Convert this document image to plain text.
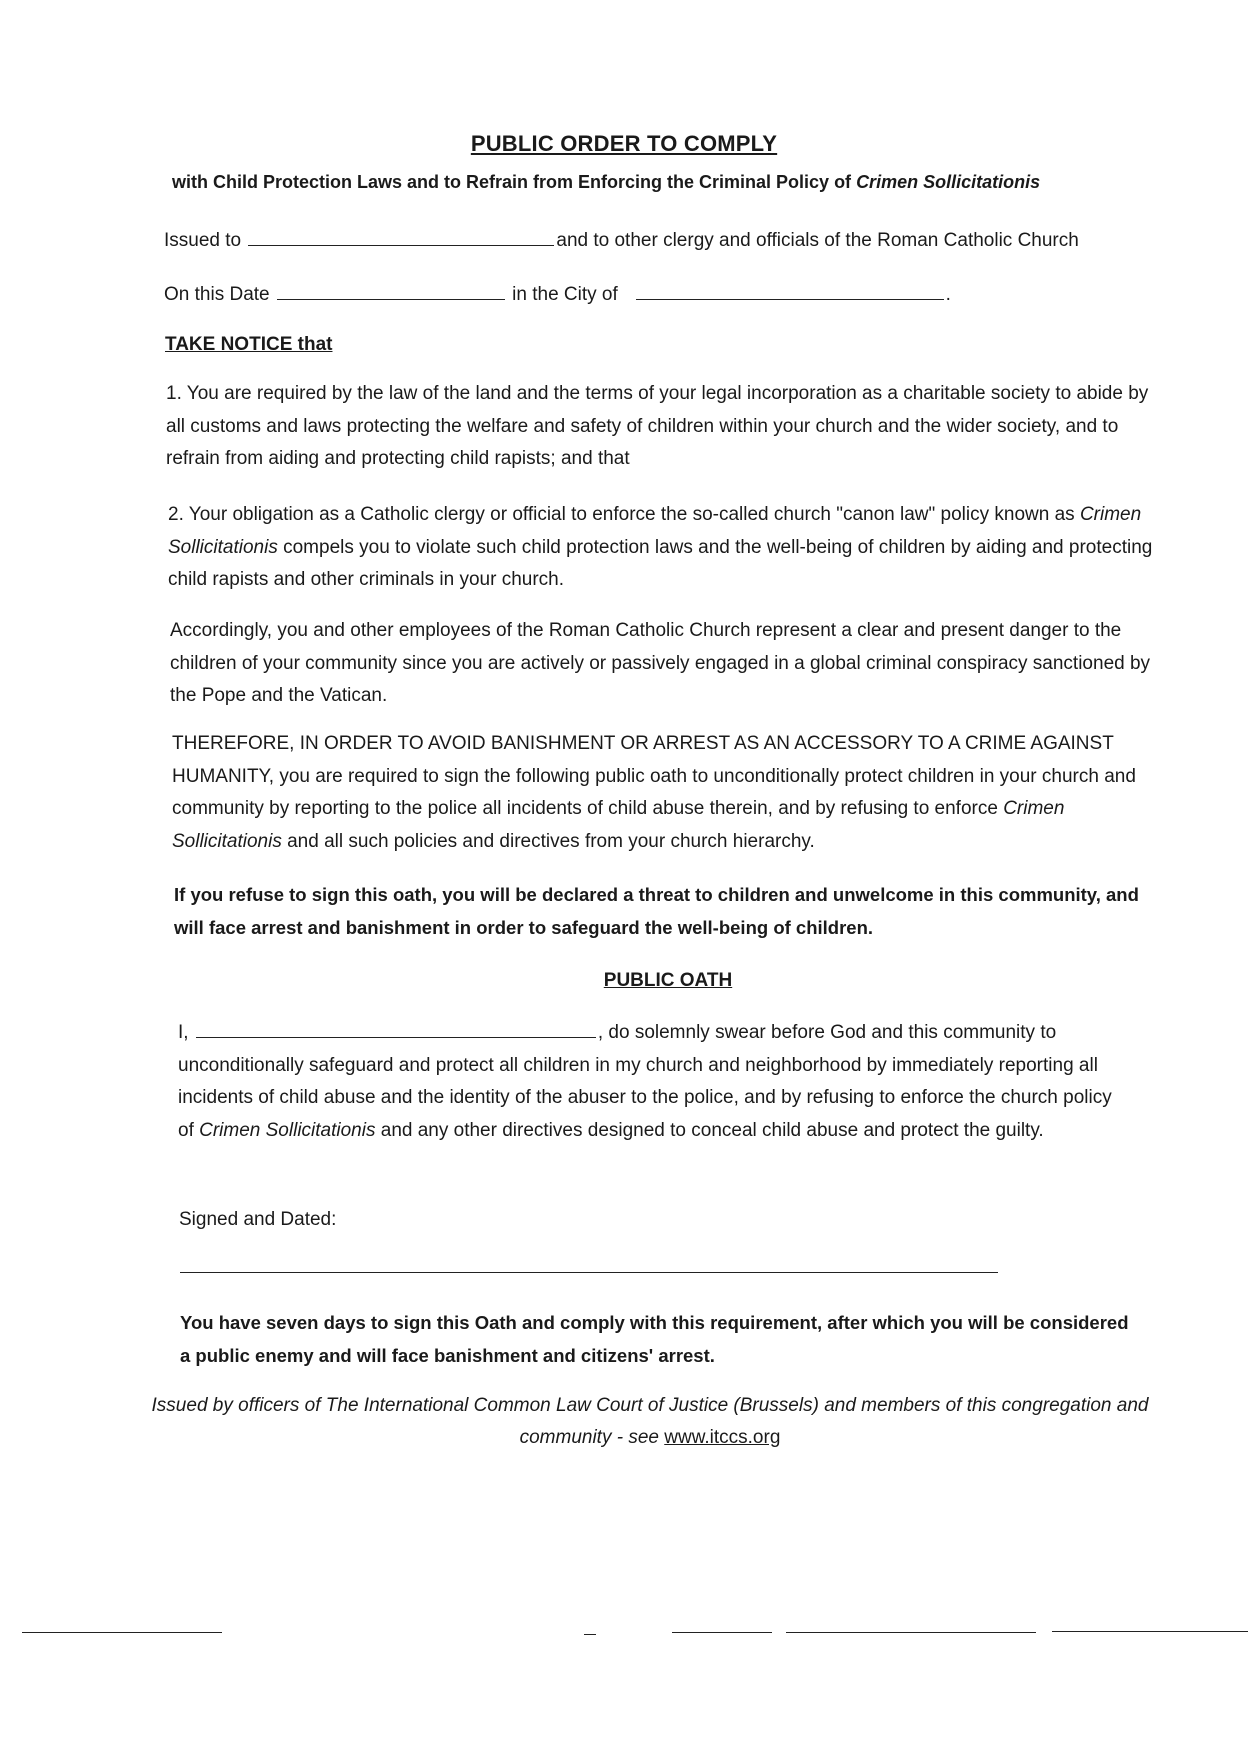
PUBLIC ORDER TO COMPLY
with Child Protection Laws and to Refrain from Enforcing the Criminal Policy of Crimen Sollicitationis
Issued to	and to other clergy and officials of the Roman Catholic Church
On this Date	in the City of	.
TAKE NOTICE that
1. You are required by the law of the land and the terms of your legal incorporation as a charitable society to abide by all customs and laws protecting the welfare and safety of children within your church and the wider society, and to refrain from aiding and protecting child rapists; and that
2. Your obligation as a Catholic clergy or official to enforce the so-called church "canon law" policy known as Crimen Sollicitationis compels you to violate such child protection laws and the well-being of children by aiding and protecting child rapists and other criminals in your church.
Accordingly, you and other employees of the Roman Catholic Church represent a clear and present danger to the children of your community since you are actively or passively engaged in a global criminal conspiracy sanctioned by the Pope and the Vatican.
THEREFORE, IN ORDER TO AVOID BANISHMENT OR ARREST AS AN ACCESSORY TO A CRIME AGAINST HUMANITY, you are required to sign the following public oath to unconditionally protect children in your church and community by reporting to the police all incidents of child abuse therein, and by refusing to enforce Crimen Sollicitationis and all such policies and directives from your church hierarchy.
If you refuse to sign this oath, you will be declared a threat to children and unwelcome in this community, and will face arrest and banishment in order to safeguard the well-being of children.
PUBLIC OATH
I,	, do solemnly swear before God and this community to unconditionally safeguard and protect all children in my church and neighborhood by immediately reporting all incidents of child abuse and the identity of the abuser to the police, and by refusing to enforce the church policy of Crimen Sollicitationis and any other directives designed to conceal child abuse and protect the guilty.
Signed and Dated:
You have seven days to sign this Oath and comply with this requirement, after which you will be considered a public enemy and will face banishment and citizens' arrest.
Issued by officers of The International Common Law Court of Justice (Brussels) and members of this congregation and community - see www.itccs.org
